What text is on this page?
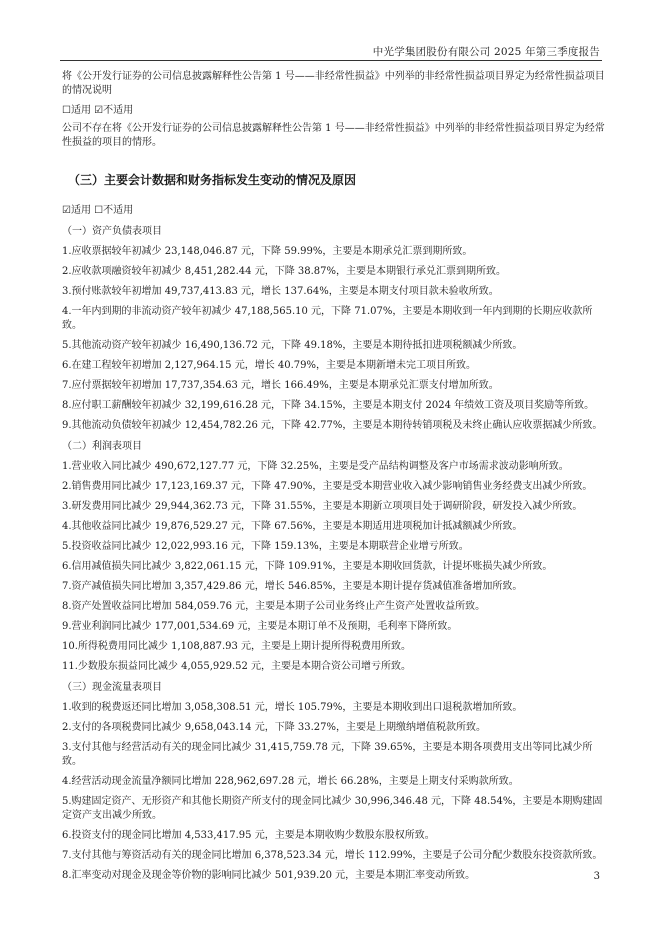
中光学集团股份有限公司 2025 年第三季度报告

将《公开发行证券的公司信息披露解释性公告第 1 号——非经常性损益》中列举的非经常性损益项目界定为经常性损益项目的情况说明

☐适用 ☑不适用

公司不存在将《公开发行证券的公司信息披露解释性公告第 1 号——非经常性损益》中列举的非经常性损益项目界定为经常性损益的项目的情形。

（三）主要会计数据和财务指标发生变动的情况及原因

☑适用 ☐不适用

（一）资产负债表项目
1.应收票据较年初减少 23,148,046.87 元，下降 59.99%，主要是本期承兑汇票到期所致。
2.应收款项融资较年初减少 8,451,282.44 元，下降 38.87%，主要是本期银行承兑汇票到期所致。
3.预付账款较年初增加 49,737,413.83 元，增长 137.64%，主要是本期支付项目款未验收所致。
4.一年内到期的非流动资产较年初减少 47,188,565.10 元，下降 71.07%，主要是本期收到一年内到期的长期应收款所致。
5.其他流动资产较年初减少 16,490,136.72 元，下降 49.18%，主要是本期待抵扣进项税额减少所致。
6.在建工程较年初增加 2,127,964.15 元，增长 40.79%，主要是本期新增未完工项目所致。
7.应付票据较年初增加 17,737,354.63 元，增长 166.49%，主要是本期承兑汇票支付增加所致。
8.应付职工薪酬较年初减少 32,199,616.28 元，下降 34.15%，主要是本期支付 2024 年绩效工资及项目奖励等所致。
9.其他流动负债较年初减少 12,454,782.26 元，下降 42.77%，主要是本期待转销项税及未终止确认应收票据减少所致。
（二）利润表项目
1.营业收入同比减少 490,672,127.77 元，下降 32.25%，主要是受产品结构调整及客户市场需求波动影响所致。
2.销售费用同比减少 17,123,169.37 元，下降 47.90%，主要是受本期营业收入减少影响销售业务经费支出减少所致。
3.研发费用同比减少 29,944,362.73 元，下降 31.55%，主要是本期新立项项目处于调研阶段，研发投入减少所致。
4.其他收益同比减少 19,876,529.27 元，下降 67.56%，主要是本期适用进项税加计抵减额减少所致。
5.投资收益同比减少 12,022,993.16 元，下降 159.13%，主要是本期联营企业增亏所致。
6.信用减值损失同比减少 3,822,061.15 元，下降 109.91%，主要是本期收回货款，计提坏账损失减少所致。
7.资产减值损失同比增加 3,357,429.86 元，增长 546.85%，主要是本期计提存货减值准备增加所致。
8.资产处置收益同比增加 584,059.76 元，主要是本期子公司业务终止产生资产处置收益所致。
9.营业利润同比减少 177,001,534.69 元，主要是本期订单不及预期，毛利率下降所致。
10.所得税费用同比减少 1,108,887.93 元，主要是上期计提所得税费用所致。
11.少数股东损益同比减少 4,055,929.52 元，主要是本期合资公司增亏所致。
（三）现金流量表项目
1.收到的税费返还同比增加 3,058,308.51 元，增长 105.79%，主要是本期收到出口退税款增加所致。
2.支付的各项税费同比减少 9,658,043.14 元，下降 33.27%，主要是上期缴纳增值税款所致。
3.支付其他与经营活动有关的现金同比减少 31,415,759.78 元，下降 39.65%，主要是本期各项费用支出等同比减少所致。
4.经营活动现金流量净额同比增加 228,962,697.28 元，增长 66.28%，主要是上期支付采购款所致。
5.购建固定资产、无形资产和其他长期资产所支付的现金同比减少 30,996,346.48 元，下降 48.54%，主要是本期购建固定资产支出减少所致。
6.投资支付的现金同比增加 4,533,417.95 元，主要是本期收购少数股东股权所致。
7.支付其他与筹资活动有关的现金同比增加 6,378,523.34 元，增长 112.99%，主要是子公司分配少数股东投资款所致。
8.汇率变动对现金及现金等价物的影响同比减少 501,939.20 元，主要是本期汇率变动所致。	3
